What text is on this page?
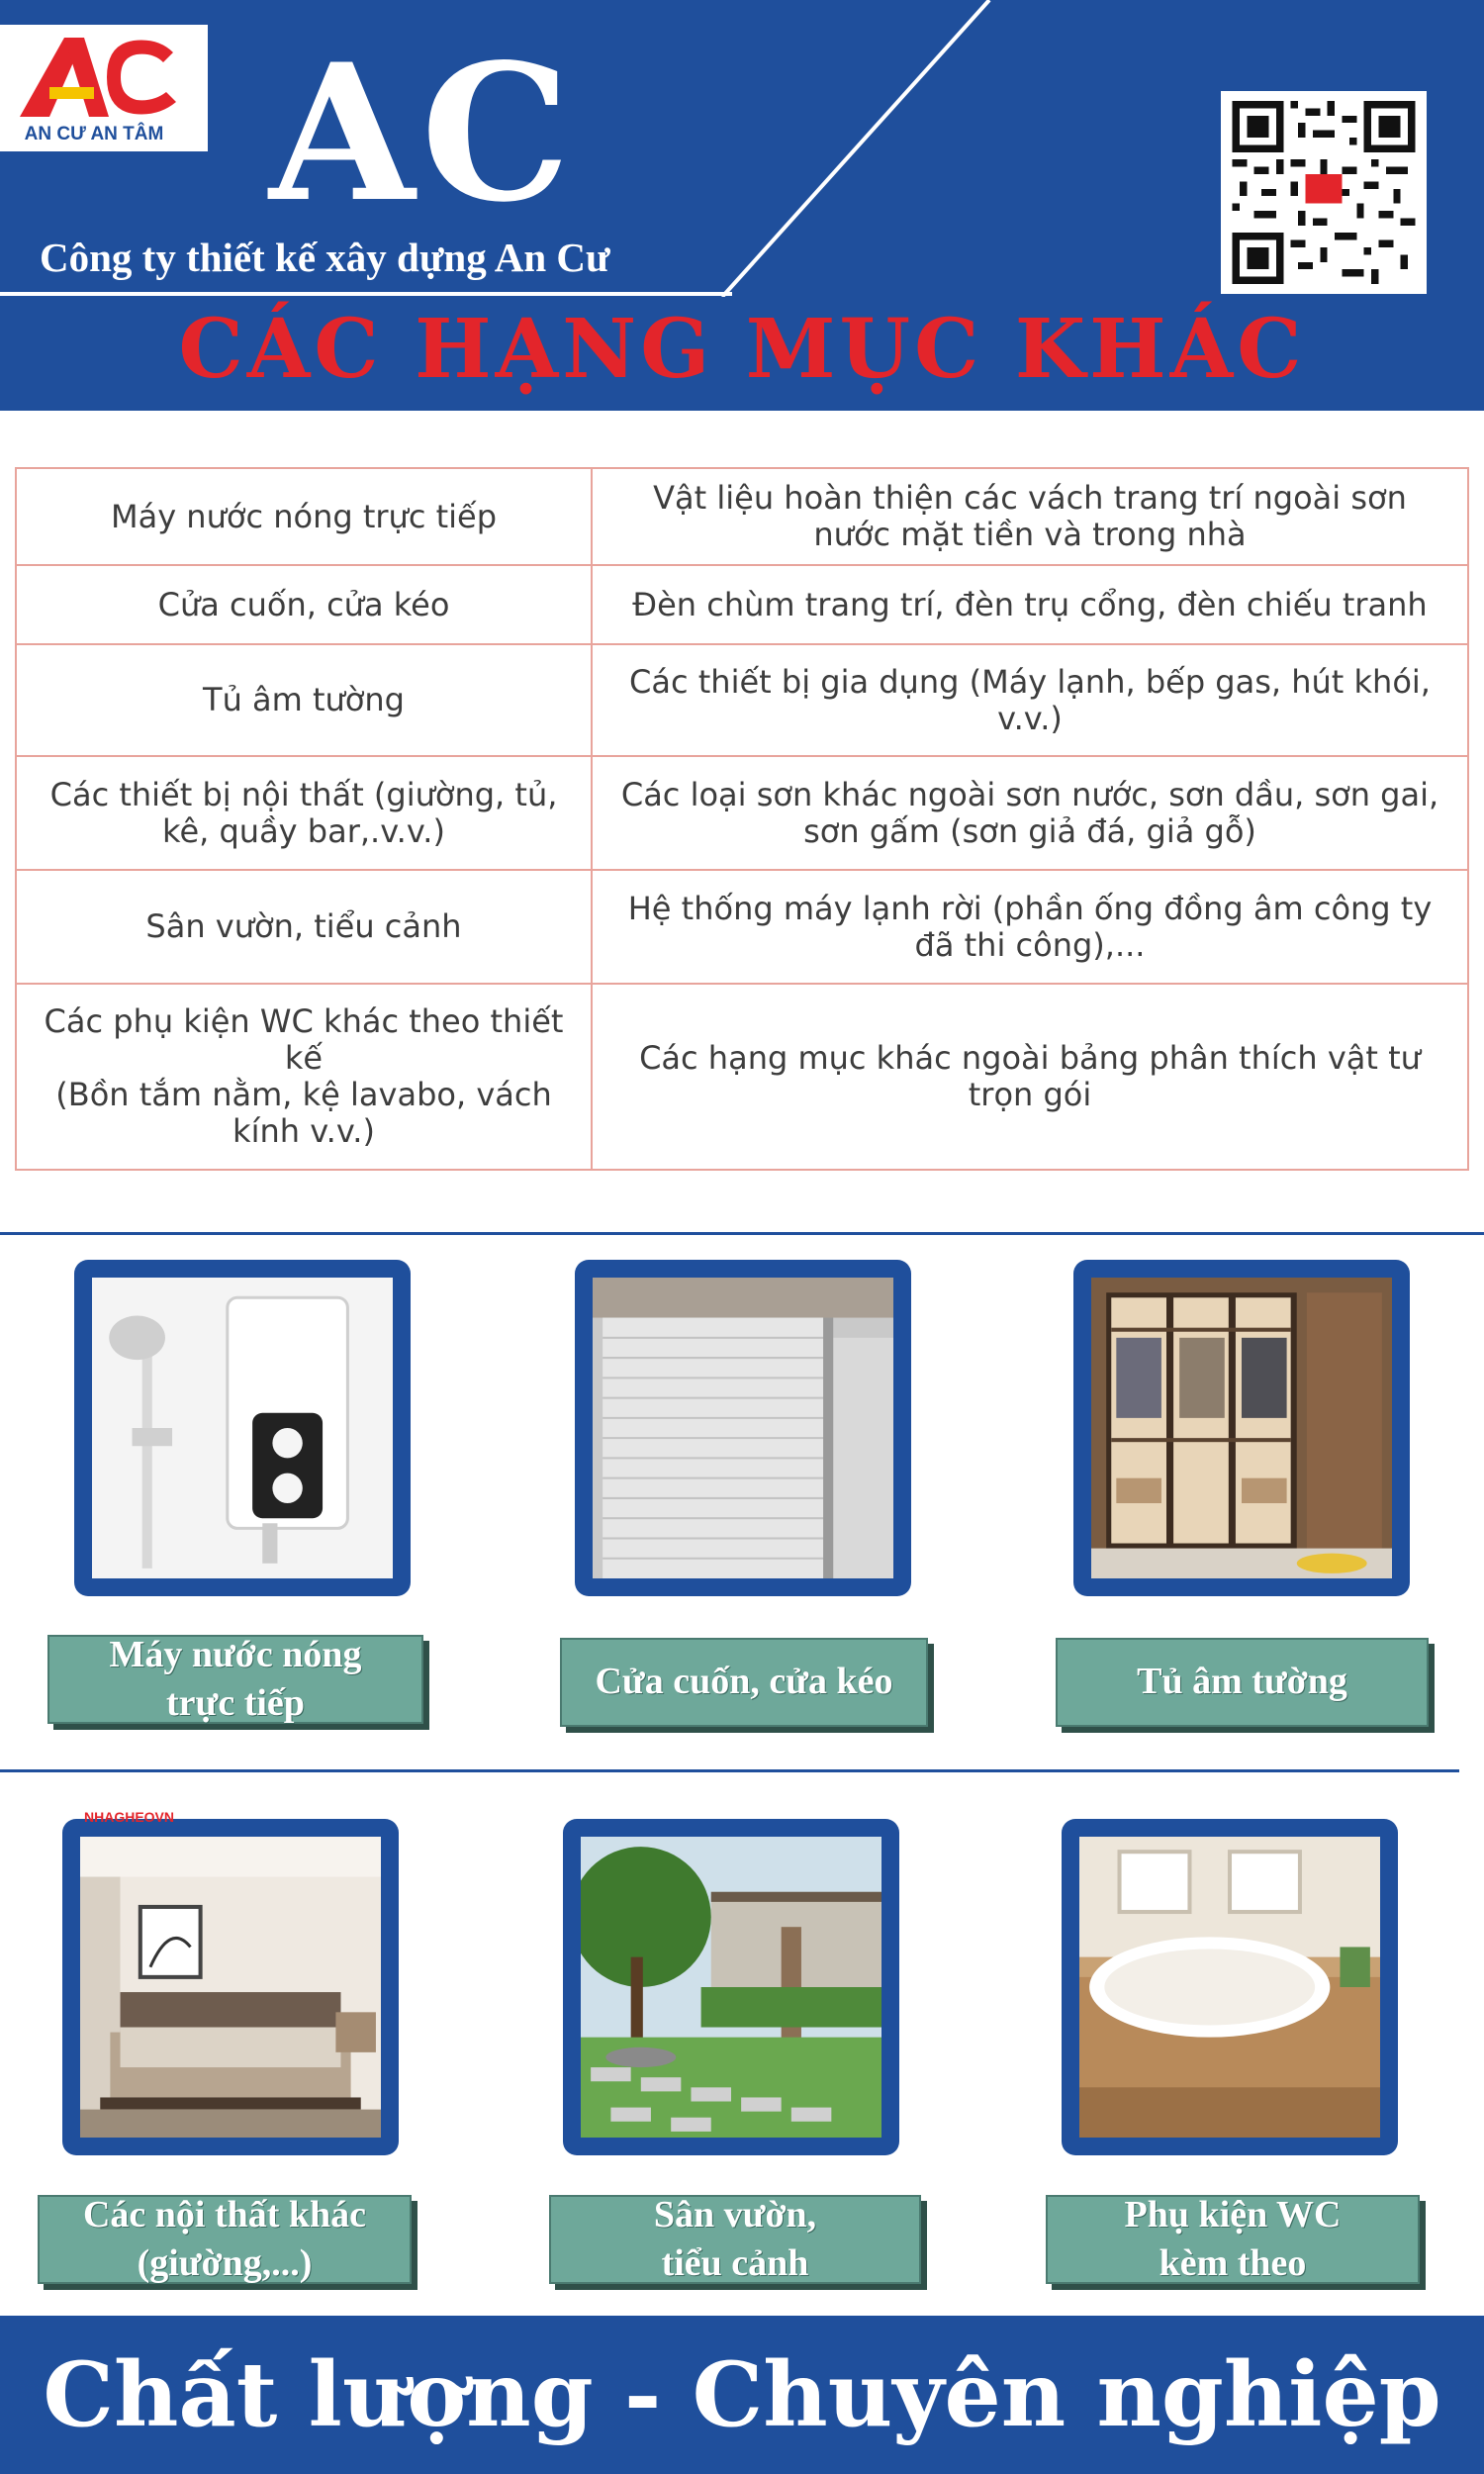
AN CƯ AN TÂM AC
Công ty thiết kế xây dựng An Cư
CÁC HẠNG MỤC KHÁC
Máy nước nóng trực tiếp	Vật liệu hoàn thiện các vách trang trí ngoài sơn nước mặt tiền và trong nhà
Cửa cuốn, cửa kéo	Đèn chùm trang trí, đèn trụ cổng, đèn chiếu tranh
Tủ âm tường	Các thiết bị gia dụng (Máy lạnh, bếp gas, hút khói, v.v.)
Các thiết bị nội thất (giường, tủ, kê, quầy bar,.v.v.)	Các loại sơn khác ngoài sơn nước, sơn dầu, sơn gai, sơn gấm (sơn giả đá, giả gỗ)
Sân vườn, tiểu cảnh	Hệ thống máy lạnh rời (phần ống đồng âm công ty đã thi công),...
Các phụ kiện WC khác theo thiết kế
(Bồn tắm nằm, kệ lavabo, vách kính v.v.)	Các hạng mục khác ngoài bảng phân thích vật tư trọn gói
Máy nước nóng
trực tiếp
Cửa cuốn, cửa kéo	Tủ âm tường
NHAGHEOVN
Các nội thất khác
(giường,...)
Sân vườn,
tiểu cảnh
Phụ kiện WC
kèm theo
Chất lượng - Chuyên nghiệp
